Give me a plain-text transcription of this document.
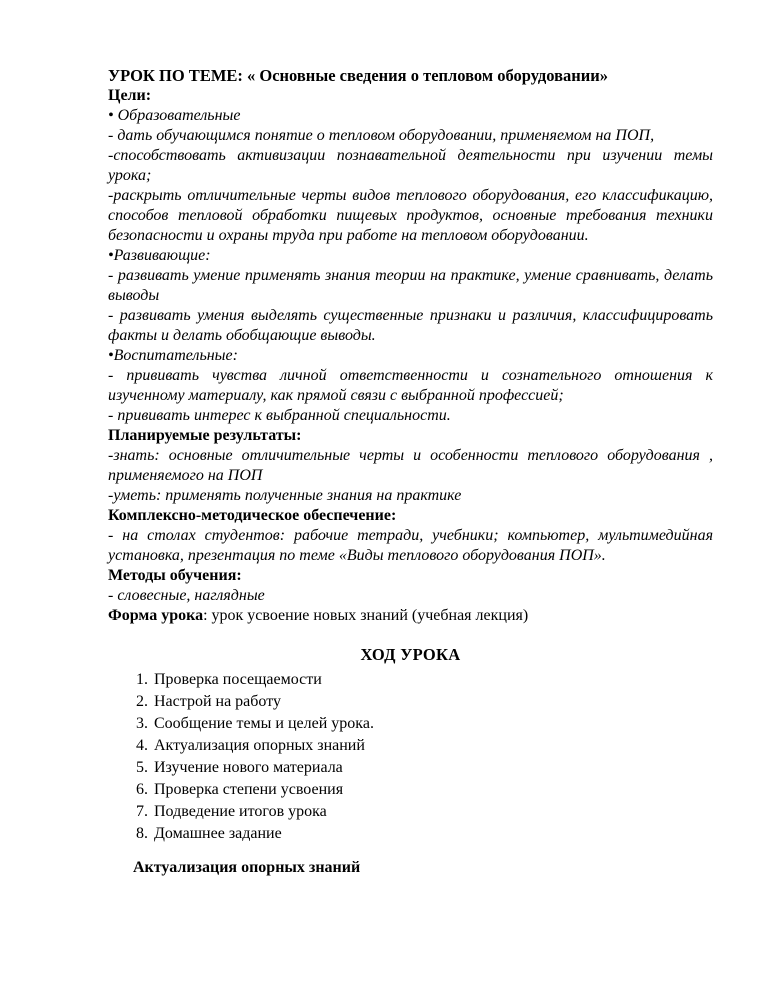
УРОК ПО ТЕМЕ: « Основные сведения о тепловом оборудовании»

Цели:

• Образовательные

- дать обучающимся понятие о тепловом оборудовании, применяемом на ПОП,

-способствовать активизации познавательной деятельности при изучении темы урока;

-раскрыть отличительные черты видов теплового оборудования, его классификацию, способов тепловой обработки пищевых продуктов, основные требования техники безопасности и охраны труда при работе на тепловом оборудовании.

•Развивающие:

- развивать умение применять знания теории на практике, умение сравнивать, делать выводы

- развивать умения выделять существенные признаки и различия, классифицировать факты и делать обобщающие выводы.

•Воспитательные:

- прививать чувства личной ответственности и сознательного отношения к изученному материалу, как прямой связи с выбранной профессией;

- прививать интерес к выбранной специальности.

Планируемые результаты:

-знать: основные отличительные черты и особенности теплового оборудования , применяемого на ПОП

-уметь: применять полученные знания на практике

Комплексно-методическое обеспечение:

- на столах студентов: рабочие тетради, учебники; компьютер, мультимедийная установка, презентация по теме «Виды теплового оборудования ПОП».

Методы обучения:

- словесные, наглядные

Форма урока: урок усвоение новых знаний (учебная лекция)

ХОД УРОКА

Проверка посещаемости
Настрой на работу
Сообщение темы и целей урока.
Актуализация опорных знаний
Изучение нового материала
Проверка степени усвоения
Подведение итогов урока
Домашнее задание

Актуализация опорных знаний
